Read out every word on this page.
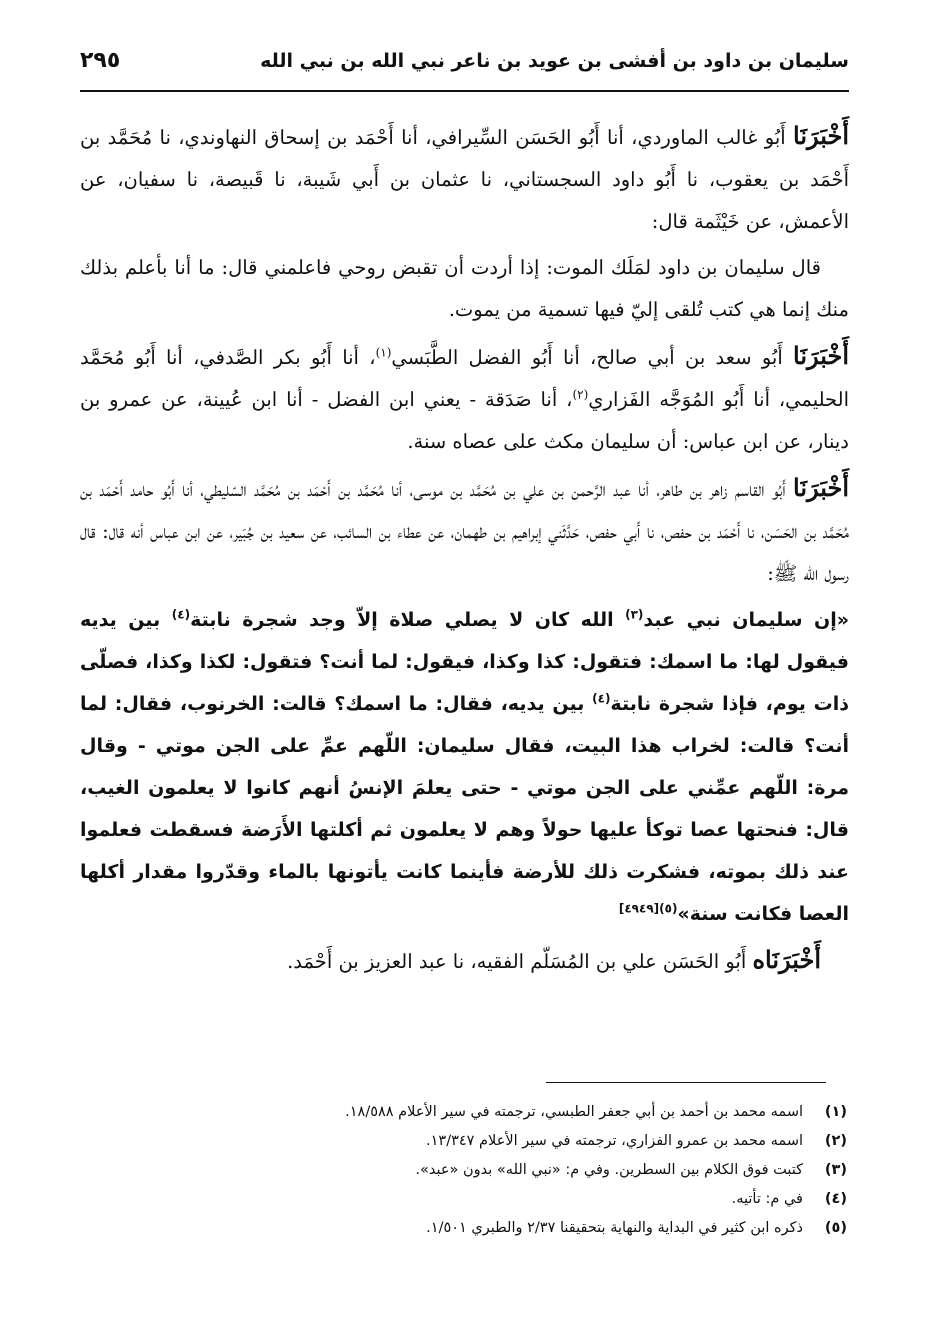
سليمان بن داود بن أفشى بن عويد بن ناعر نبي الله بن نبي الله
٢٩٥

أَخْبَرَنَا أَبُو غالب الماوردي، أنا أَبُو الحَسَن السِّيرافي، أنا أَحْمَد بن إسحاق النهاوندي، نا مُحَمَّد بن أَحْمَد بن يعقوب، نا أَبُو داود السجستاني، نا عثمان بن أَبي شَيبة، نا قَبيصة، نا سفيان، عن الأعمش، عن خَيْثَمة قال:

قال سليمان بن داود لمَلَك الموت: إذا أردت أن تقبض روحي فاعلمني قال: ما أنا بأعلم بذلك منك إنما هي كتب تُلقى إليّ فيها تسمية من يموت.

أَخْبَرَنَا أَبُو سعد بن أبي صالح، أنا أَبُو الفضل الطَّبَسي$^{(١)}$، أنا أَبُو بكر الصَّدفي، أنا أَبُو مُحَمَّد الحليمي، أنا أَبُو المُوَجَّه الفَزاري$^{(٢)}$، أنا صَدَقة - يعني ابن الفضل - أنا ابن عُيينة، عن عمرو بن دينار، عن ابن عباس: أن سليمان مكث على عصاه سنة.

أَخْبَرَنَا أَبُو القاسم زاهر بن طاهر، أنا عبد الرَّحمن بن علي بن مُحَمَّد بن موسى، أنا مُحَمَّد بن أَحْمَد بن مُحَمَّد السّليطي، أنا أَبُو حامد أَحْمَد بن مُحَمَّد بن الحَسَن، نا أَحْمَد بن حفص، نا أَبي حفص، حَدَّثَني إبراهيم بن طهمان، عن عطاء بن السائب، عن سعيد بن جُبَير، عن ابن عباس أنه قال: قال رسول الله ﷺ:

«إن سليمان نبي عبد$^{(٣)}$ الله كان لا يصلي صلاة إلاّ وجد شجرة نابتة$^{(٤)}$ بين يديه فيقول لها: ما اسمك: فتقول: كذا وكذا، فيقول: لما أنت؟ فتقول: لكذا وكذا، فصلّى ذات يوم، فإذا شجرة نابتة$^{(٤)}$ بين يديه، فقال: ما اسمك؟ قالت: الخرنوب، فقال: لما أنت؟ قالت: لخراب هذا البيت، فقال سليمان: اللّهم عمِّ على الجن موتي - وقال مرة: اللّهم عمِّني على الجن موتي - حتى يعلمَ الإنسُ أنهم كانوا لا يعلمون الغيب، قال: فنحتها عصا توكأ عليها حولاً وهم لا يعلمون ثم أكلتها الأَرَضة فسقطت فعلموا عند ذلك بموته، فشكرت ذلك للأرضة فأينما كانت يأتونها بالماء وقدّروا مقدار أكلها العصا فكانت سنة»$^{(٥)[٤٩٤٩]}$

أَخْبَرَنَاه أَبُو الحَسَن علي بن المُسَلّم الفقيه، نا عبد العزيز بن أَحْمَد.

(١)
اسمه محمد بن أحمد بن أبي جعفر الطبسي، ترجمته في سير الأعلام ١٨/٥٨٨.
(٢)
اسمه محمد بن عمرو الفزاري، ترجمته في سير الأعلام ١٣/٣٤٧.
(٣)
كتبت فوق الكلام بين السطرين. وفي م: «نبي الله» بدون «عبد».
(٤)
في م: تأتيه.
(٥)
ذكره ابن كثير في البداية والنهاية بتحقيقنا ٢/٣٧ والطبري ١/٥٠١.
